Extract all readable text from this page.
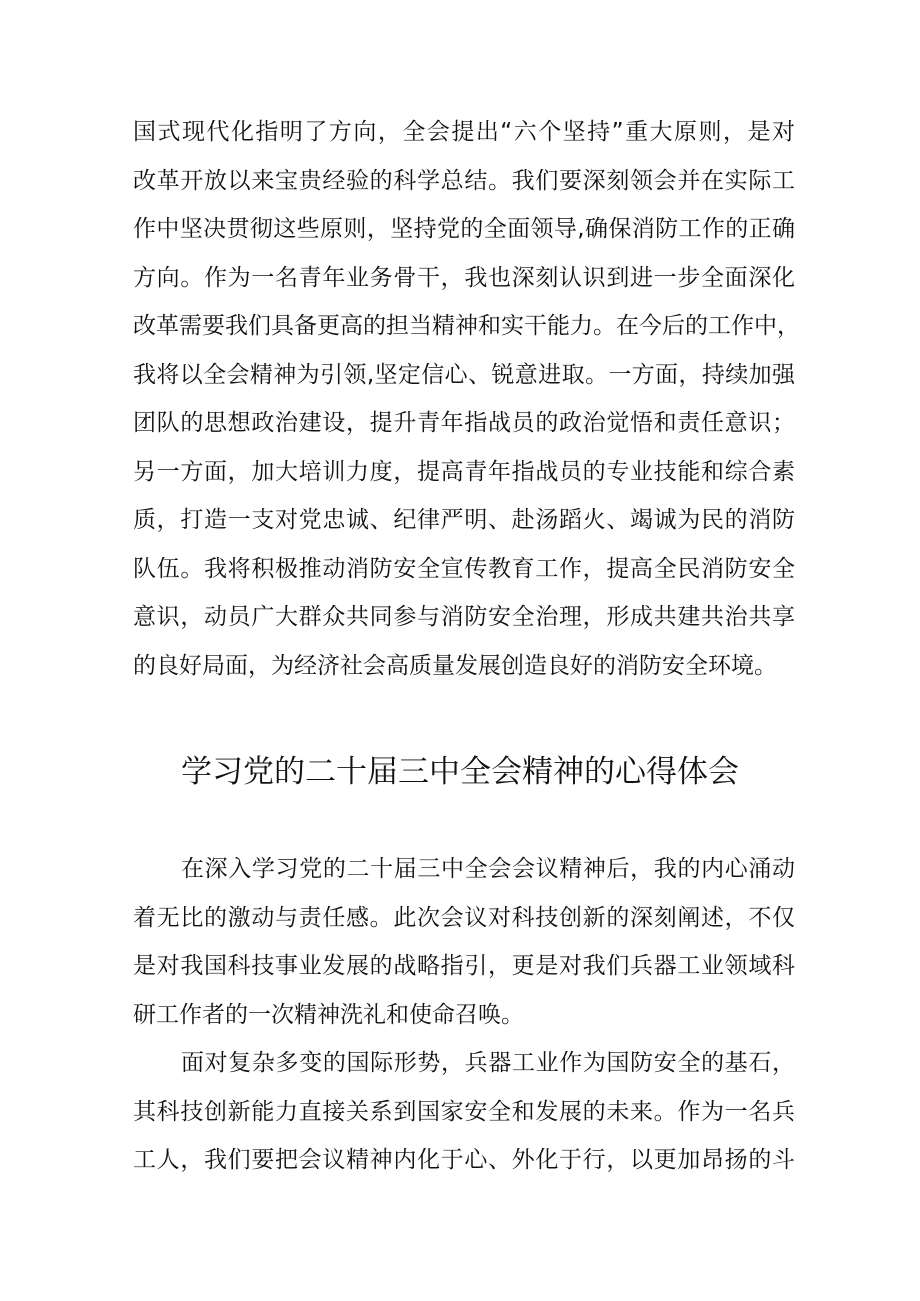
国式现代化指明了方向，全会提出“六个坚持”重大原则，是对
改革开放以来宝贵经验的科学总结。我们要深刻领会并在实际工
作中坚决贯彻这些原则，坚持党的全面领导,确保消防工作的正确
方向。作为一名青年业务骨干，我也深刻认识到进一步全面深化
改革需要我们具备更高的担当精神和实干能力。在今后的工作中，
我将以全会精神为引领,坚定信心、锐意进取。一方面，持续加强
团队的思想政治建设，提升青年指战员的政治觉悟和责任意识；
另一方面，加大培训力度，提高青年指战员的专业技能和综合素
质，打造一支对党忠诚、纪律严明、赴汤蹈火、竭诚为民的消防
队伍。我将积极推动消防安全宣传教育工作，提高全民消防安全
意识，动员广大群众共同参与消防安全治理，形成共建共治共享
的良好局面，为经济社会高质量发展创造良好的消防安全环境。
学习党的二十届三中全会精神的心得体会
在深入学习党的二十届三中全会会议精神后，我的内心涌动
着无比的激动与责任感。此次会议对科技创新的深刻阐述，不仅
是对我国科技事业发展的战略指引，更是对我们兵器工业领域科
研工作者的一次精神洗礼和使命召唤。
面对复杂多变的国际形势，兵器工业作为国防安全的基石，
其科技创新能力直接关系到国家安全和发展的未来。作为一名兵
工人，我们要把会议精神内化于心、外化于行，以更加昂扬的斗
